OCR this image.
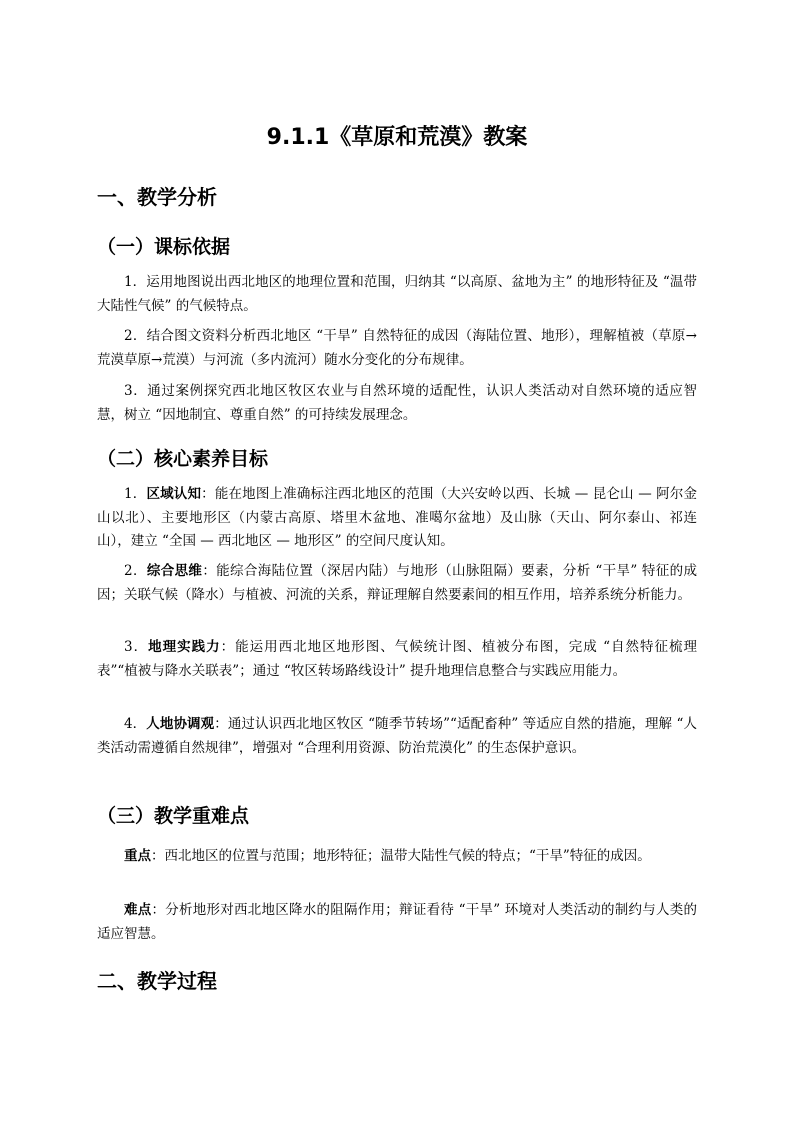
9.1.1《草原和荒漠》教案
一、教学分析
（一）课标依据

1．运用地图说出西北地区的地理位置和范围，归纳其 “以高原、盆地为主” 的地形特征及 “温带大陆性气候” 的气候特点。

2．结合图文资料分析西北地区 “干旱” 自然特征的成因（海陆位置、地形），理解植被（草原→荒漠草原→荒漠）与河流（多内流河）随水分变化的分布规律。

3．通过案例探究西北地区牧区农业与自然环境的适配性，认识人类活动对自然环境的适应智慧，树立 “因地制宜、尊重自然” 的可持续发展理念。

（二）核心素养目标

1．区域认知：能在地图上准确标注西北地区的范围（大兴安岭以西、长城 — 昆仑山 — 阿尔金山以北）、主要地形区（内蒙古高原、塔里木盆地、准噶尔盆地）及山脉（天山、阿尔泰山、祁连山），建立 “全国 — 西北地区 — 地形区” 的空间尺度认知。

2．综合思维：能综合海陆位置（深居内陆）与地形（山脉阻隔）要素，分析 “干旱” 特征的成因；关联气候（降水）与植被、河流的关系，辩证理解自然要素间的相互作用，培养系统分析能力。

3．地理实践力：能运用西北地区地形图、气候统计图、植被分布图，完成 “自然特征梳理表”“植被与降水关联表”；通过 “牧区转场路线设计” 提升地理信息整合与实践应用能力。

4．人地协调观：通过认识西北地区牧区 “随季节转场”“适配畜种” 等适应自然的措施，理解 “人类活动需遵循自然规律”，增强对 “合理利用资源、防治荒漠化” 的生态保护意识。

（三）教学重难点

重点：西北地区的位置与范围；地形特征；温带大陆性气候的特点；“干旱”特征的成因。

难点：分析地形对西北地区降水的阻隔作用；辩证看待 “干旱” 环境对人类活动的制约与人类的适应智慧。

二、教学过程
